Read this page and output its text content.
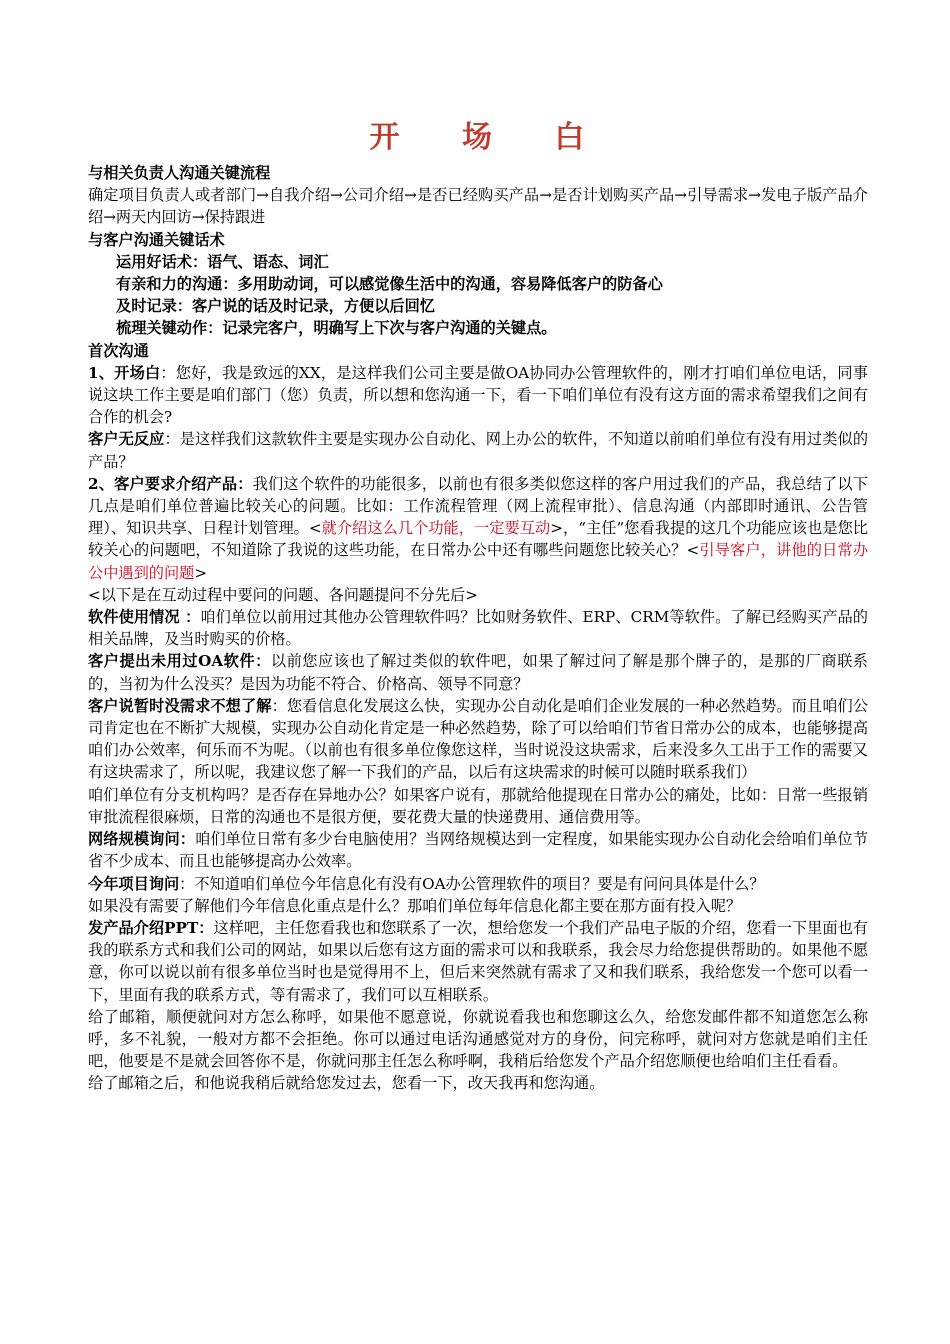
开 场 白

与相关负责人沟通关键流程

确定项目负责人或者部门→自我介绍→公司介绍→是否已经购买产品→是否计划购买产品→引导需求→发电子版产品介绍→两天内回访→保持跟进

与客户沟通关键话术

运用好话术：语气、语态、词汇

有亲和力的沟通：多用助动词，可以感觉像生活中的沟通，容易降低客户的防备心

及时记录：客户说的话及时记录，方便以后回忆

梳理关键动作：记录完客户，明确写上下次与客户沟通的关键点。

首次沟通

1、开场白：您好，我是致远的XX，是这样我们公司主要是做OA协同办公管理软件的，刚才打咱们单位电话，同事说这块工作主要是咱们部门（您）负责，所以想和您沟通一下，看一下咱们单位有没有这方面的需求希望我们之间有合作的机会?

客户无反应：是这样我们这款软件主要是实现办公自动化、网上办公的软件，不知道以前咱们单位有没有用过类似的产品？

2、客户要求介绍产品：我们这个软件的功能很多，以前也有很多类似您这样的客户用过我们的产品，我总结了以下几点是咱们单位普遍比较关心的问题。比如：工作流程管理（网上流程审批）、信息沟通（内部即时通讯、公告管理）、知识共享、日程计划管理。<就介绍这么几个功能，一定要互动>，“主任”您看我提的这几个功能应该也是您比较关心的问题吧，不知道除了我说的这些功能，在日常办公中还有哪些问题您比较关心？<引导客户，讲他的日常办公中遇到的问题>

<以下是在互动过程中要问的问题、各问题提问不分先后>

软件使用情况 ：咱们单位以前用过其他办公管理软件吗？比如财务软件、ERP、CRM等软件。了解已经购买产品的相关品牌，及当时购买的价格。

客户提出未用过OA软件：以前您应该也了解过类似的软件吧，如果了解过问了解是那个牌子的，是那的厂商联系的，当初为什么没买？是因为功能不符合、价格高、领导不同意？

客户说暂时没需求不想了解：您看信息化发展这么快，实现办公自动化是咱们企业发展的一种必然趋势。而且咱们公司肯定也在不断扩大规模，实现办公自动化肯定是一种必然趋势，除了可以给咱们节省日常办公的成本，也能够提高咱们办公效率，何乐而不为呢。（以前也有很多单位像您这样，当时说没这块需求，后来没多久工出于工作的需要又有这块需求了，所以呢，我建议您了解一下我们的产品，以后有这块需求的时候可以随时联系我们）

咱们单位有分支机构吗？是否存在异地办公？如果客户说有，那就给他提现在日常办公的痛处，比如：日常一些报销审批流程很麻烦，日常的沟通也不是很方便，要花费大量的快递费用、通信费用等。

网络规模询问：咱们单位日常有多少台电脑使用？当网络规模达到一定程度，如果能实现办公自动化会给咱们单位节省不少成本、而且也能够提高办公效率。

今年项目询问：不知道咱们单位今年信息化有没有OA办公管理软件的项目？要是有问问具体是什么？

如果没有需要了解他们今年信息化重点是什么？那咱们单位每年信息化都主要在那方面有投入呢？

发产品介绍PPT：这样吧，主任您看我也和您联系了一次，想给您发一个我们产品电子版的介绍，您看一下里面也有我的联系方式和我们公司的网站，如果以后您有这方面的需求可以和我联系，我会尽力给您提供帮助的。如果他不愿意，你可以说以前有很多单位当时也是觉得用不上，但后来突然就有需求了又和我们联系，我给您发一个您可以看一下，里面有我的联系方式，等有需求了，我们可以互相联系。

给了邮箱，顺便就问对方怎么称呼，如果他不愿意说，你就说看我也和您聊这么久，给您发邮件都不知道您怎么称呼，多不礼貌，一般对方都不会拒绝。你可以通过电话沟通感觉对方的身份，问完称呼，就问对方您就是咱们主任吧，他要是不是就会回答你不是，你就问那主任怎么称呼啊，我稍后给您发个产品介绍您顺便也给咱们主任看看。

给了邮箱之后，和他说我稍后就给您发过去，您看一下，改天我再和您沟通。
